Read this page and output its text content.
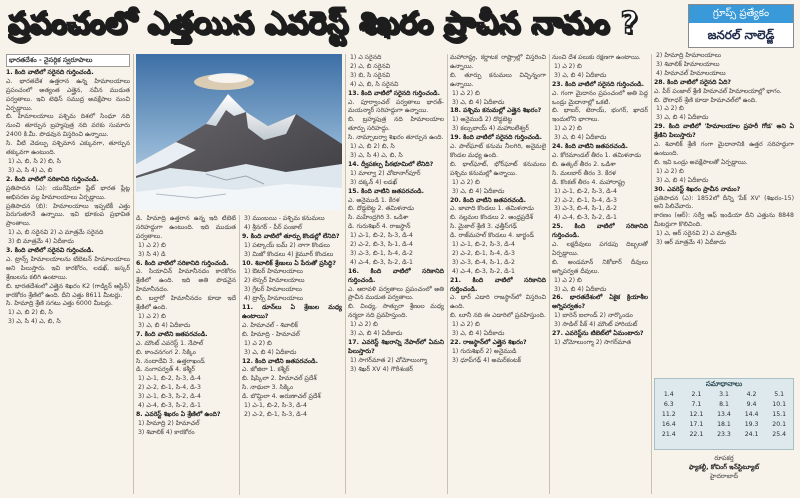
ప్రపంచంలో ఎత్తయిన ఎవరెస్ట్ శిఖరం ప్రాచీన నామం ?	గ్రూప్స్ ప్రత్యేకం
జనరల్ నాలెడ్జ్

భారతదేశం - నైసర్గిక స్వరూపాలు

1. కింది వాటిలో సరైనది గుర్తించండి.

ఎ. భారతదేశ ఉత్తరాన ఉన్న హిమాలయాలు ప్రపంచంలో అత్యంత ఎత్తైన, నవీన ముడుత పర్వతాలు. ఇవి టెథిస్ సముద్ర అవక్షేపాల నుంచి ఏర్పడ్డాయి.

బి. హిమాలయాలు పశ్చిమ దిశలో సింధూ నది నుంచి తూర్పున బ్రహ్మపుత్ర నది వరకు సుమారు 2400 కి.మీ. పొడవున విస్తరించి ఉన్నాయి.

సి. వీటి వెడల్పు పశ్చిమాన ఎక్కువగా, తూర్పున తక్కువగా ఉంటుంది.

1) ఎ, బి, సి 2) బి, సి

3) ఎ, సి 4) ఎ, బి

2. కింది వాటిలో సరికానిది గుర్తించండి.

ప్రతిపాదన (ఎ): యురేషియా ప్లేట్ భారత ప్లేట్ల అభిసరణ వల్ల హిమాలయాలు ఏర్పడ్డాయి.

ప్రతిపాదన (బి): హిమాలయాలు ఇప్పటికీ ఎత్తు పెరుగుతూనే ఉన్నాయి. ఇవి భూకంప ప్రభావిత ప్రాంతాలు.

1) ఎ, బి సరైనవి 2) ఎ మాత్రమే సరైనది

3) బి మాత్రమే 4) ఏదీకాదు

3. కింది వాటిలో సరైనవి గుర్తించండి.

ఎ. ట్రాన్స్ హిమాలయాలను టిబెటన్ హిమాలయాలు అని పిలుస్తారు. ఇవి కారకోరం, లడఖ్, జస్కర్ శ్రేణులను కలిగి ఉంటాయి.

బి. భారతదేశంలో ఎత్తైన శిఖరం K2 (గాడ్విన్ ఆస్టిన్) కారకోరం శ్రేణిలో ఉంది. దీని ఎత్తు 8611 మీటర్లు.

సి. హిమాద్రి శ్రేణి సగటు ఎత్తు 6000 మీటర్లు.

1) ఎ, బి 2) బి, సి

3) ఎ, సి 4) ఎ, బి, సి

డి. హిమాద్రి ఉత్తరాన ఉన్న ఇది టిబెట్ సరిహద్దుగా ఉంటుంది. ఇది ముడుత పర్వతాలు.

1) ఎ 2) బి

3) సి 4) డి

6. కింది వాటిలో సరికానిది గుర్తించండి.

ఎ. సియాచిన్ హిమానీనదం కారకోరం శ్రేణిలో ఉంది. ఇది అతి పొడవైన హిమానీనదం.

బి. బల్తారో హిమానీనదం కూడా ఇదే శ్రేణిలో ఉంది.

1) ఎ 2) బి

3) ఎ, బి 4) ఏదీకాదు

7. కింది వాటిని జతపరచండి.

ఎ. మౌంట్ ఎవరెస్ట్ 1. నేపాల్

బి. కాంచనగంగ 2. సిక్కిం

సి. నందాదేవి 3. ఉత్తరాఖండ్

డి. నంగాపర్వత్ 4. కశ్మీర్

1) ఎ-1, బి-2, సి-3, డి-4

2) ఎ-2, బి-1, సి-4, డి-3

3) ఎ-1, బి-3, సి-2, డి-4

4) ఎ-4, బి-3, సి-2, డి-1

8. ఎవరెస్ట్ శిఖరం ఏ శ్రేణిలో ఉంది?

1) హిమాద్రి 2) హిమాచల్

3) శివాలిక్ 4) కారకోరం

3) ముంబయి - పశ్చిమ కనుమలు

4) శ్రీనగర్ - పీర్ పంజాల్

9. కింది వాటిలో తూర్పు కొండల్లో లేనిది?

1) పట్కాయ్ బమ్ 2) నాగా కొండలు

3) మిజో కొండలు 4) కైమూర్ కొండలు

10. శివాలిక్ శ్రేణులు ఏ పేరుతో ప్రసిద్ధి?

1) ఔటర్ హిమాలయాలు

2) లెస్సర్ హిమాలయాలు

3) గ్రేటర్ హిమాలయాలు

4) ట్రాన్స్ హిమాలయాలు

11. డూన్‌లు ఏ శ్రేణుల మధ్య ఉంటాయి?

ఎ. హిమాచల్ - శివాలిక్

బి. హిమాద్రి - హిమాచల్

1) ఎ 2) బి

3) ఎ, బి 4) ఏదీకాదు

12. కింది వాటిని జతపరచండి.

ఎ. జోజిలా 1. కశ్మీర్

బి. షిప్కిలా 2. హిమాచల్ ప్రదేశ్

సి. నాథులా 3. సిక్కిం

డి. బొమ్డిలా 4. అరుణాచల్ ప్రదేశ్

1) ఎ-1, బి-2, సి-3, డి-4

2) ఎ-2, బి-1, సి-3, డి-4

1) ఎ సరైనది

2) ఎ, బి సరైనవి

3) బి, సి సరైనవి

4) ఎ, బి, సి సరైనవి

13. కింది వాటిలో సరైనది గుర్తించండి.

ఎ. పూర్వాంచల్ పర్వతాలు భారత్-మయన్మార్ సరిహద్దుగా ఉన్నాయి.

బి. బ్రహ్మపుత్ర నది హిమాలయాల తూర్పు సరిహద్దు.

సి. నామ్చాబర్వా శిఖరం తూర్పున ఉంది.

1) ఎ, బి 2) బి, సి

3) ఎ, సి 4) ఎ, బి, సి

14. ద్వీపకల్ప పీఠభూమిలో లేనిది?

1) మాల్వా 2) చోటానాగ్‌పూర్

3) దక్కన్ 4) లడఖ్

15. కింది వాటిని జతపరచండి.

ఎ. అనైముడి 1. కేరళ

బి. దొడ్డబెట్ట 2. తమిళనాడు

సి. మహేంద్రగిరి 3. ఒడిశా

డి. గురుశిఖర్ 4. రాజస్థాన్

1) ఎ-1, బి-2, సి-3, డి-4

2) ఎ-2, బి-3, సి-1, డి-4

3) ఎ-3, బి-1, సి-4, డి-2

4) ఎ-4, బి-3, సి-2, డి-1

16. కింది వాటిలో సరికానిది గుర్తించండి.

ఎ. ఆరావళి పర్వతాలు ప్రపంచంలో అతి ప్రాచీన ముడుత పర్వతాలు.

బి. వింధ్య, సాత్పురా శ్రేణుల మధ్య నర్మదా నది ప్రవహిస్తుంది.

1) ఎ 2) బి

3) ఎ, బి 4) ఏదీకాదు

17. ఎవరెస్ట్ శిఖరాన్ని నేపాల్‌లో ఏమని పిలుస్తారు?

1) సాగర్‌మాత 2) చోమోలుంగ్మా

3) శిఖర్ XV 4) గౌరీశంకర్

మహారాష్ట్ర, కర్ణాటక రాష్ట్రాల్లో విస్తరించి ఉన్నాయి.

బి. తూర్పు కనుమలు విచ్ఛిన్నంగా ఉన్నాయి.

1) ఎ 2) బి

3) ఎ, బి 4) ఏదీకాదు

18. పశ్చిమ కనుమల్లో ఎత్తైన శిఖరం?

1) అనైముడి 2) దొడ్డబెట్ట

3) కల్సుబాయ్ 4) మహాబలేశ్వర్

19. కింది వాటిలో సరైనది గుర్తించండి.

ఎ. పాల్‌ఘాట్ కనుమ నీలగిరి, అనైమలై కొండల మధ్య ఉంది.

బి. థాల్‌ఘాట్, భోర్‌ఘాట్ కనుమలు పశ్చిమ కనుమల్లో ఉన్నాయి.

1) ఎ 2) బి

3) ఎ, బి 4) ఏదీకాదు

20. కింది వాటిని జతపరచండి.

ఎ. జావాది కొండలు 1. తమిళనాడు

బి. నల్లమల కొండలు 2. ఆంధ్రప్రదేశ్

సి. మైకాల్ శ్రేణి 3. ఛత్తీస్‌గఢ్

డి. రాజ్‌మహల్ కొండలు 4. జార్ఖండ్

1) ఎ-1, బి-2, సి-3, డి-4

2) ఎ-2, బి-1, సి-4, డి-3

3) ఎ-3, బి-4, సి-1, డి-2

4) ఎ-4, బి-3, సి-2, డి-1

21. కింది వాటిలో సరికానిది గుర్తించండి.

ఎ. థార్ ఎడారి రాజస్థాన్‌లో విస్తరించి ఉంది.

బి. లూనీ నది ఈ ఎడారిలో ప్రవహిస్తుంది.

1) ఎ 2) బి

3) ఎ, బి 4) ఏదీకాదు

22. రాజస్థాన్‌లో ఎత్తైన శిఖరం?

1) గురుశిఖర్ 2) అనైముడి

3) ధూప్‌గఢ్ 4) అమర్‌కంటక్

నుంచి దేశ పలుకు రక్షణగా ఉంటాయి.

1) ఎ 2) బి

3) ఎ, బి 4) ఏదీకాదు

23. కింది వాటిలో సరైనది గుర్తించండి.

ఎ. గంగా మైదానం ప్రపంచంలో అతి పెద్ద ఒండ్రు మైదానాల్లో ఒకటి.

బి. భాబర్, టెరాయ్, భంగర్, ఖాదర్ ఇందులోని భాగాలు.

1) ఎ 2) బి

3) ఎ, బి 4) ఏదీకాదు

24. కింది వాటిని జతపరచండి.

ఎ. కోరమాండల్ తీరం 1. తమిళనాడు

బి. ఉత్కల్ తీరం 2. ఒడిశా

సి. మలబార్ తీరం 3. కేరళ

డి. కొంకణ్ తీరం 4. మహారాష్ట్ర

1) ఎ-1, బి-2, సి-3, డి-4

2) ఎ-2, బి-1, సి-4, డి-3

3) ఎ-3, బి-4, సి-1, డి-2

4) ఎ-4, బి-3, సి-2, డి-1

25. కింది వాటిలో సరికానిది గుర్తించండి.

ఎ. లక్షదీవులు పగడపు దిబ్బలతో ఏర్పడ్డాయి.

బి. అండమాన్ నికోబార్ దీవులు అగ్నిపర్వత దీవులు.

1) ఎ 2) బి

3) ఎ, బి 4) ఏదీకాదు

26. భారతదేశంలో ఏకైక క్రియాశీల అగ్నిపర్వతం?

1) బారెన్ ఐలాండ్ 2) నార్కొండం

3) సాడిల్ పీక్ 4) మౌంట్ హారియట్

27. ఎవరెస్ట్‌ను టిబెట్‌లో ఏమంటారు?

1) చోమోలుంగ్మా 2) సాగర్‌మాత

2) హిమాద్రి హిమాలయాలు

3) శివాలిక్ హిమాలయాలు

4) హిమాచల్ హిమాలయాలు

28. కింది వాటిలో సరైనది ఏది?

ఎ. పీర్ పంజాల్ శ్రేణి హిమాచల్ హిమాలయాల్లో భాగం.

బి. ధౌలాధర్ శ్రేణి కూడా హిమాచల్‌లో ఉంది.

1) ఎ 2) బి

3) ఎ, బి 4) ఏదీకాదు

29. కింది వాటిలో 'హిమాలయాల ప్రహరీ గోడ' అని ఏ శ్రేణిని పిలుస్తారు?

ఎ. శివాలిక్ శ్రేణి గంగా మైదానానికి ఉత్తర సరిహద్దుగా ఉంటుంది.

బి. ఇవి ఒండ్రు అవక్షేపాలతో ఏర్పడ్డాయి.

1) ఎ 2) బి

3) ఎ, బి 4) ఏదీకాదు

30. ఎవరెస్ట్ శిఖరం ప్రాచీన నామం?

ప్రతిపాదన (ఎ): 1852లో దీన్ని 'పీక్ XV' (శిఖరం-15) అని పిలిచేవారు.

కారణం (ఆర్): సర్వే ఆఫ్ ఇండియా దీని ఎత్తును 8848 మీటర్లుగా కొలిచింది.

1) ఎ, ఆర్ సరైనవి 2) ఎ మాత్రమే

3) ఆర్ మాత్రమే 4) ఏదీకాదు

సమాధానాలు
1.4	2.1	3.1	4.2	5.1
6.3	7.1	8.1	9.4	10.1
11.2	12.1	13.4	14.4	15.1
16.4	17.1	18.1	19.3	20.1
21.4	22.1	23.3	24.1	25.4
రూపకర్త
ఫ్యాకల్టీ, కోచింగ్ ఇన్‌స్టిట్యూట్
హైదరాబాద్
